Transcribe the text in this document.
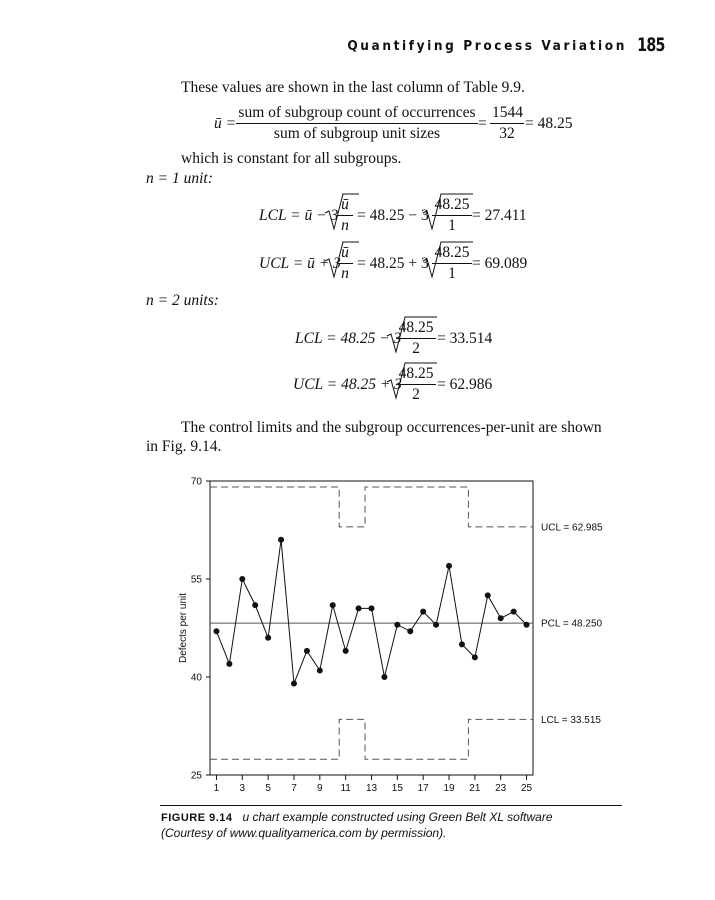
Quantifying Process Variation 185
These values are shown in the last column of Table 9.9.
ū =
sum of subgroup count of occurrences
sum of subgroup unit sizes
=
1544
32
= 48.25
which is constant for all subgroups.
n = 1 unit:
LCL = ū − 3
ū
n
= 48.25 − 3
48.25
1
= 27.411
UCL = ū + 3
ū
n
= 48.25 + 3
48.25
1
= 69.089
n = 2 units:
LCL = 48.25 − 3
48.25
2
= 33.514
UCL = 48.25 + 3
48.25
2
= 62.986
The control limits and the subgroup occurrences-per-unit are shown
in Fig. 9.14.
25
40
55
70
1 3 5 7 9 11 13 15 17 19 21 23 25
Defects per unit
UCL = 62.985
PCL = 48.250
LCL = 33.515
FIGURE 9.14 u chart example constructed using Green Belt XL software
(Courtesy of www.qualityamerica.com by permission).
